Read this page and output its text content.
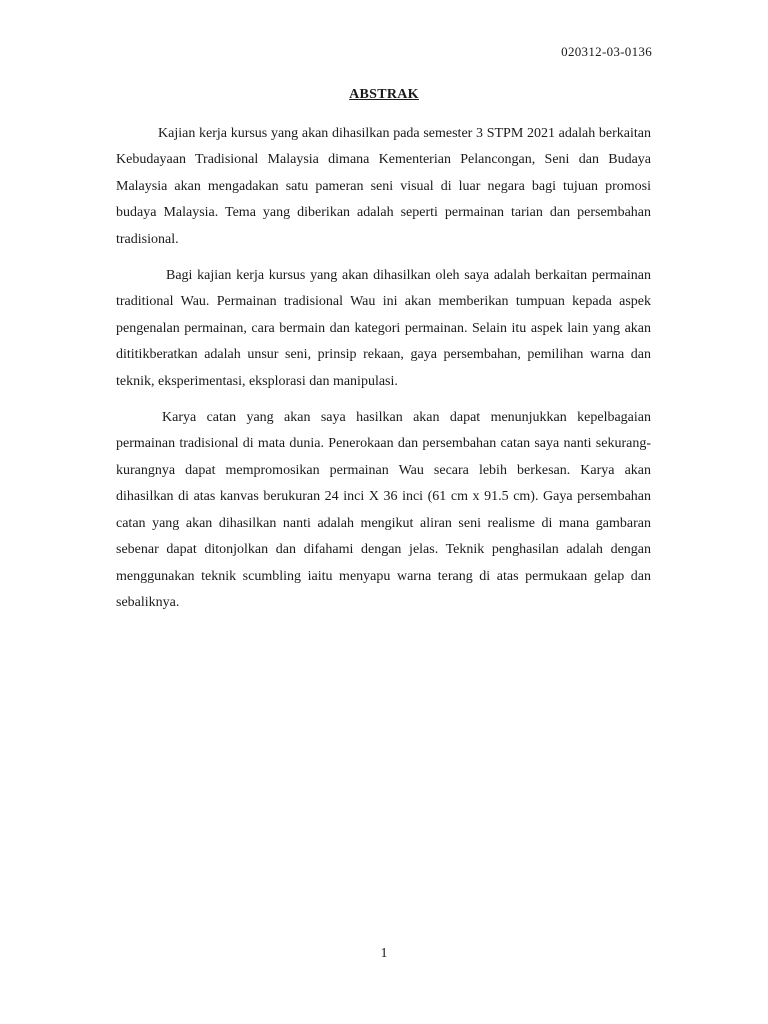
020312-03-0136
ABSTRAK

Kajian kerja kursus yang akan dihasilkan pada semester 3 STPM 2021 adalah berkaitan Kebudayaan Tradisional Malaysia dimana Kementerian Pelancongan, Seni dan Budaya Malaysia akan mengadakan satu pameran seni visual di luar negara bagi tujuan promosi budaya Malaysia. Tema yang diberikan adalah seperti permainan tarian dan persembahan tradisional.

Bagi kajian kerja kursus yang akan dihasilkan oleh saya adalah berkaitan permainan traditional Wau. Permainan tradisional Wau ini akan memberikan tumpuan kepada aspek pengenalan permainan, cara bermain dan kategori permainan. Selain itu aspek lain yang akan dititikberatkan adalah unsur seni, prinsip rekaan, gaya persembahan, pemilihan warna dan teknik, eksperimentasi, eksplorasi dan manipulasi.

Karya catan yang akan saya hasilkan akan dapat menunjukkan kepelbagaian permainan tradisional di mata dunia. Penerokaan dan persembahan catan saya nanti sekurang-kurangnya dapat mempromosikan permainan Wau secara lebih berkesan. Karya akan dihasilkan di atas kanvas berukuran 24 inci X 36 inci (61 cm x 91.5 cm). Gaya persembahan catan yang akan dihasilkan nanti adalah mengikut aliran seni realisme di mana gambaran sebenar dapat ditonjolkan dan difahami dengan jelas. Teknik penghasilan adalah dengan menggunakan teknik scumbling iaitu menyapu warna terang di atas permukaan gelap dan sebaliknya.

1
